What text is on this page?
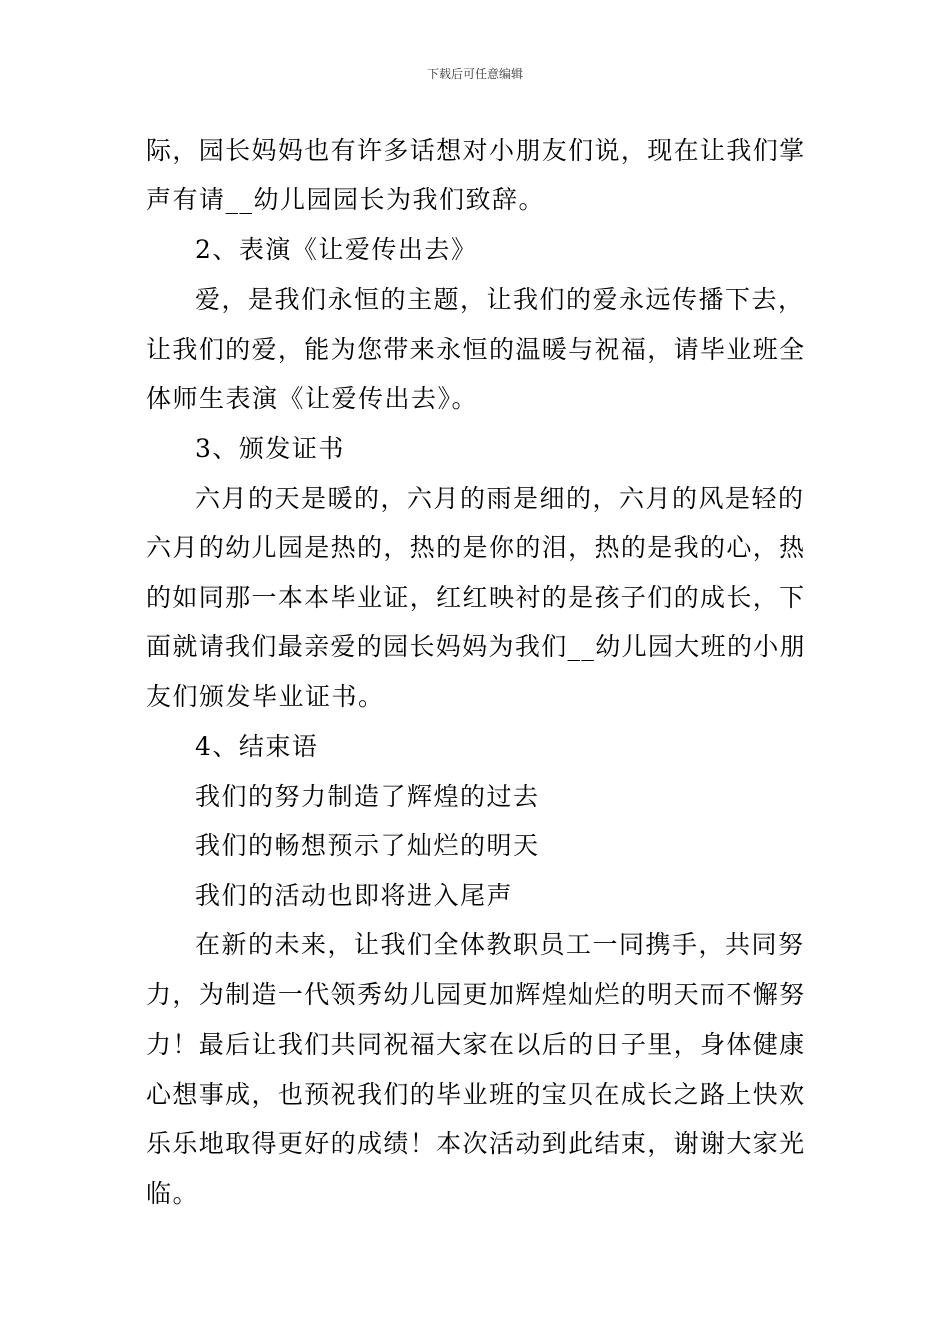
下载后可任意编辑
际，园长妈妈也有许多话想对小朋友们说，现在让我们掌
声有请__幼儿园园长为我们致辞。
2、表演《让爱传出去》
爱，是我们永恒的主题，让我们的爱永远传播下去，
让我们的爱，能为您带来永恒的温暖与祝福，请毕业班全
体师生表演《让爱传出去》。
3、颁发证书
六月的天是暖的，六月的雨是细的，六月的风是轻的
六月的幼儿园是热的，热的是你的泪，热的是我的心，热
的如同那一本本毕业证，红红映衬的是孩子们的成长，下
面就请我们最亲爱的园长妈妈为我们__幼儿园大班的小朋
友们颁发毕业证书。
4、结束语
我们的努力制造了辉煌的过去
我们的畅想预示了灿烂的明天
我们的活动也即将进入尾声
在新的未来，让我们全体教职员工一同携手，共同努
力，为制造一代领秀幼儿园更加辉煌灿烂的明天而不懈努
力！最后让我们共同祝福大家在以后的日子里，身体健康
心想事成，也预祝我们的毕业班的宝贝在成长之路上快欢
乐乐地取得更好的成绩！本次活动到此结束，谢谢大家光
临。
